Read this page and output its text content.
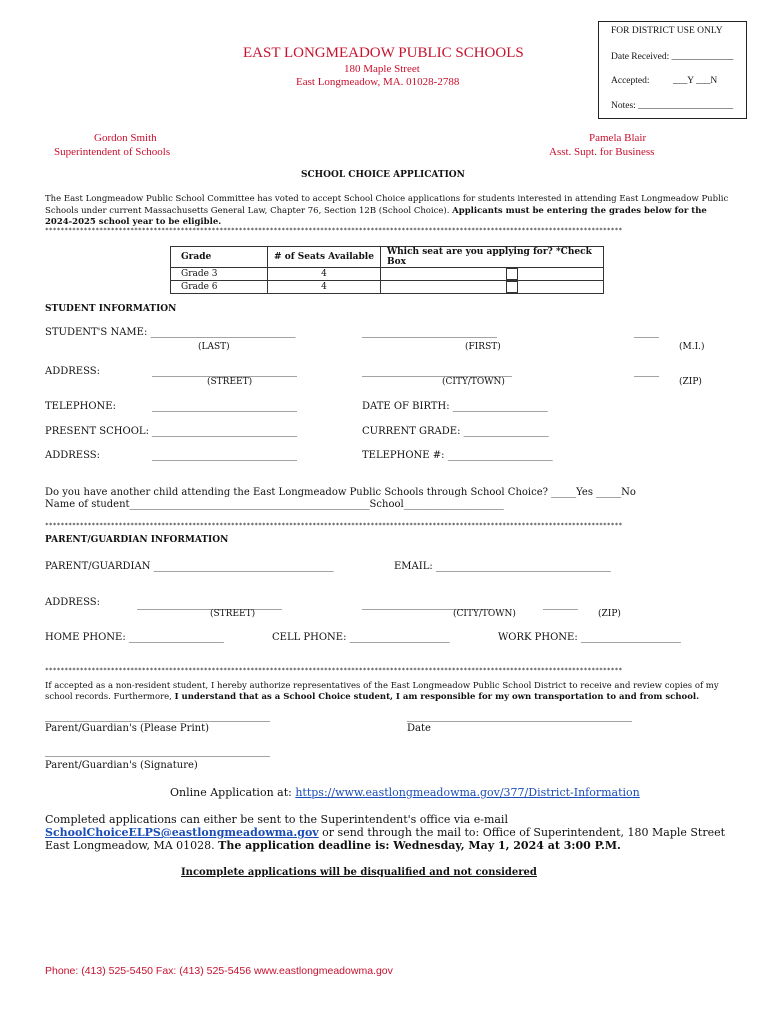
FOR DISTRICT USE ONLY
Date Received: _____________
Accepted: ___Y ___N
Notes: ____________________
EAST LONGMEADOW PUBLIC SCHOOLS
180 Maple Street
East Longmeadow, MA. 01028-2788
Gordon Smith
Superintendent of Schools
Pamela Blair
Asst. Supt. for Business
SCHOOL CHOICE APPLICATION
The East Longmeadow Public School Committee has voted to accept School Choice applications for students interested in attending East Longmeadow Public
Schools under current Massachusetts General Law, Chapter 76, Section 12B (School Choice). Applicants must be entering the grades below for the
2024-2025 school year to be eligible.
*****************************************************************************************************************************************************
Grade	# of Seats Available	Which seat are you applying for? *Check Box
Grade 3	4	
Grade 6	4	
STUDENT INFORMATION
STUDENT'S NAME: _____________________________	___________________________	_____
(LAST)	(FIRST)	(M.I.)
ADDRESS:	_____________________________	______________________________	_____
(STREET)	(CITY/TOWN)	(ZIP)
TELEPHONE:	_____________________________	DATE OF BIRTH: ___________________
PRESENT SCHOOL: _____________________________	CURRENT GRADE: _________________
ADDRESS:	_____________________________	TELEPHONE #: _____________________
Do you have another child attending the East Longmeadow Public Schools through School Choice? _____Yes _____No
Name of student________________________________________________School____________________
*****************************************************************************************************************************************************
PARENT/GUARDIAN INFORMATION
PARENT/GUARDIAN ____________________________________	EMAIL: ___________________________________
ADDRESS:	_____________________________	__________________________	_______
(STREET)	(CITY/TOWN)	(ZIP)
HOME PHONE: ___________________	CELL PHONE: ____________________	WORK PHONE: ____________________
*****************************************************************************************************************************************************
If accepted as a non-resident student, I hereby authorize representatives of the East Longmeadow Public School District to receive and review copies of my
school records. Furthermore, I understand that as a School Choice student, I am responsible for my own transportation to and from school.
_____________________________________________	_____________________________________________
Parent/Guardian's (Please Print)	Date
_____________________________________________
Parent/Guardian's (Signature)
Online Application at: https://www.eastlongmeadowma.gov/377/District-Information
Completed applications can either be sent to the Superintendent's office via e-mail
SchoolChoiceELPS@eastlongmeadowma.gov or send through the mail to: Office of Superintendent, 180 Maple Street
East Longmeadow, MA 01028. The application deadline is: Wednesday, May 1, 2024 at 3:00 P.M.
Incomplete applications will be disqualified and not considered
Phone: (413) 525-5450 Fax: (413) 525-5456 www.eastlongmeadowma.gov
